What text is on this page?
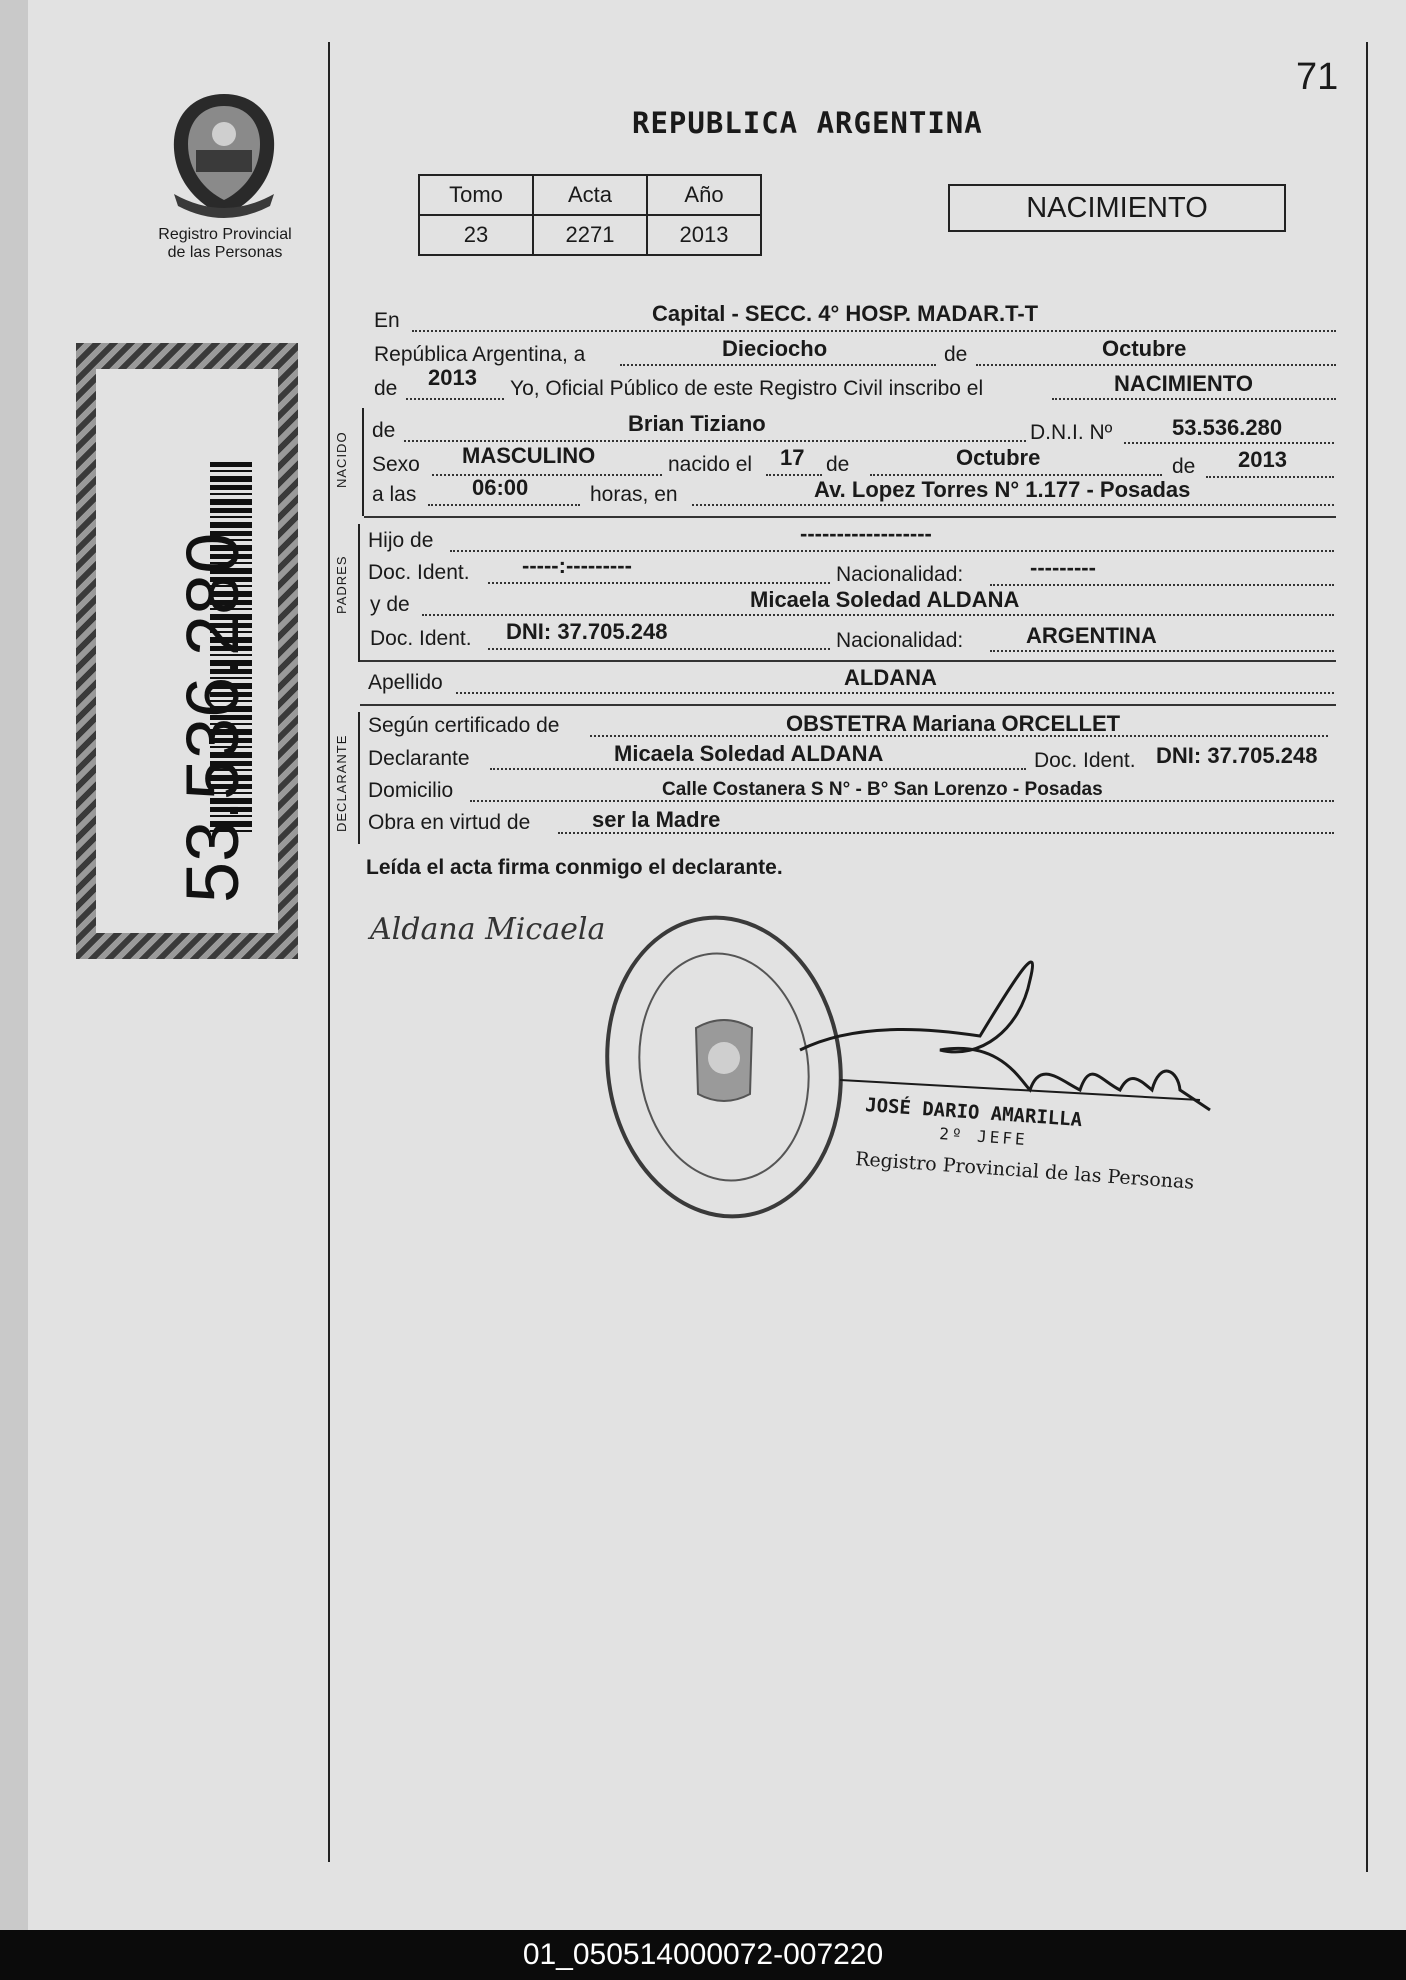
71
REPUBLICA ARGENTINA
Registro Provincial
de las Personas
NACIDO
PADRES
DECLARANTE
Tomo	Acta	Año
23	2271	2013
NACIMIENTO
En	Capital - SECC. 4° HOSP. MADAR.T-T
República Argentina, a	Dieciocho	de	Octubre
de 2013 Yo, Oficial Público de este Registro Civil inscribo el	NACIMIENTO
de	Brian Tiziano	D.N.I. Nº	53.536.280
Sexo MASCULINO	nacido el 17 de	Octubre	de 2013
a las	06:00	horas, en	Av. Lopez Torres N° 1.177 - Posadas
Hijo de	------------------
Doc. Ident. -----:---------	Nacionalidad:	---------
y de	Micaela Soledad ALDANA
Doc. Ident. DNI: 37.705.248	Nacionalidad:	ARGENTINA
Apellido	ALDANA
Según certificado de	OBSTETRA Mariana ORCELLET
Declarante	Micaela Soledad ALDANA	Doc. Ident. DNI: 37.705.248
Domicilio	Calle Costanera S N° - B° San Lorenzo - Posadas
Obra en virtud de	ser la Madre
Leída el acta firma conmigo el declarante.
Aldana Micaela
JOSÉ DARIO AMARILLA
2º JEFE
Registro Provincial de las Personas
01_050514000072-007220
